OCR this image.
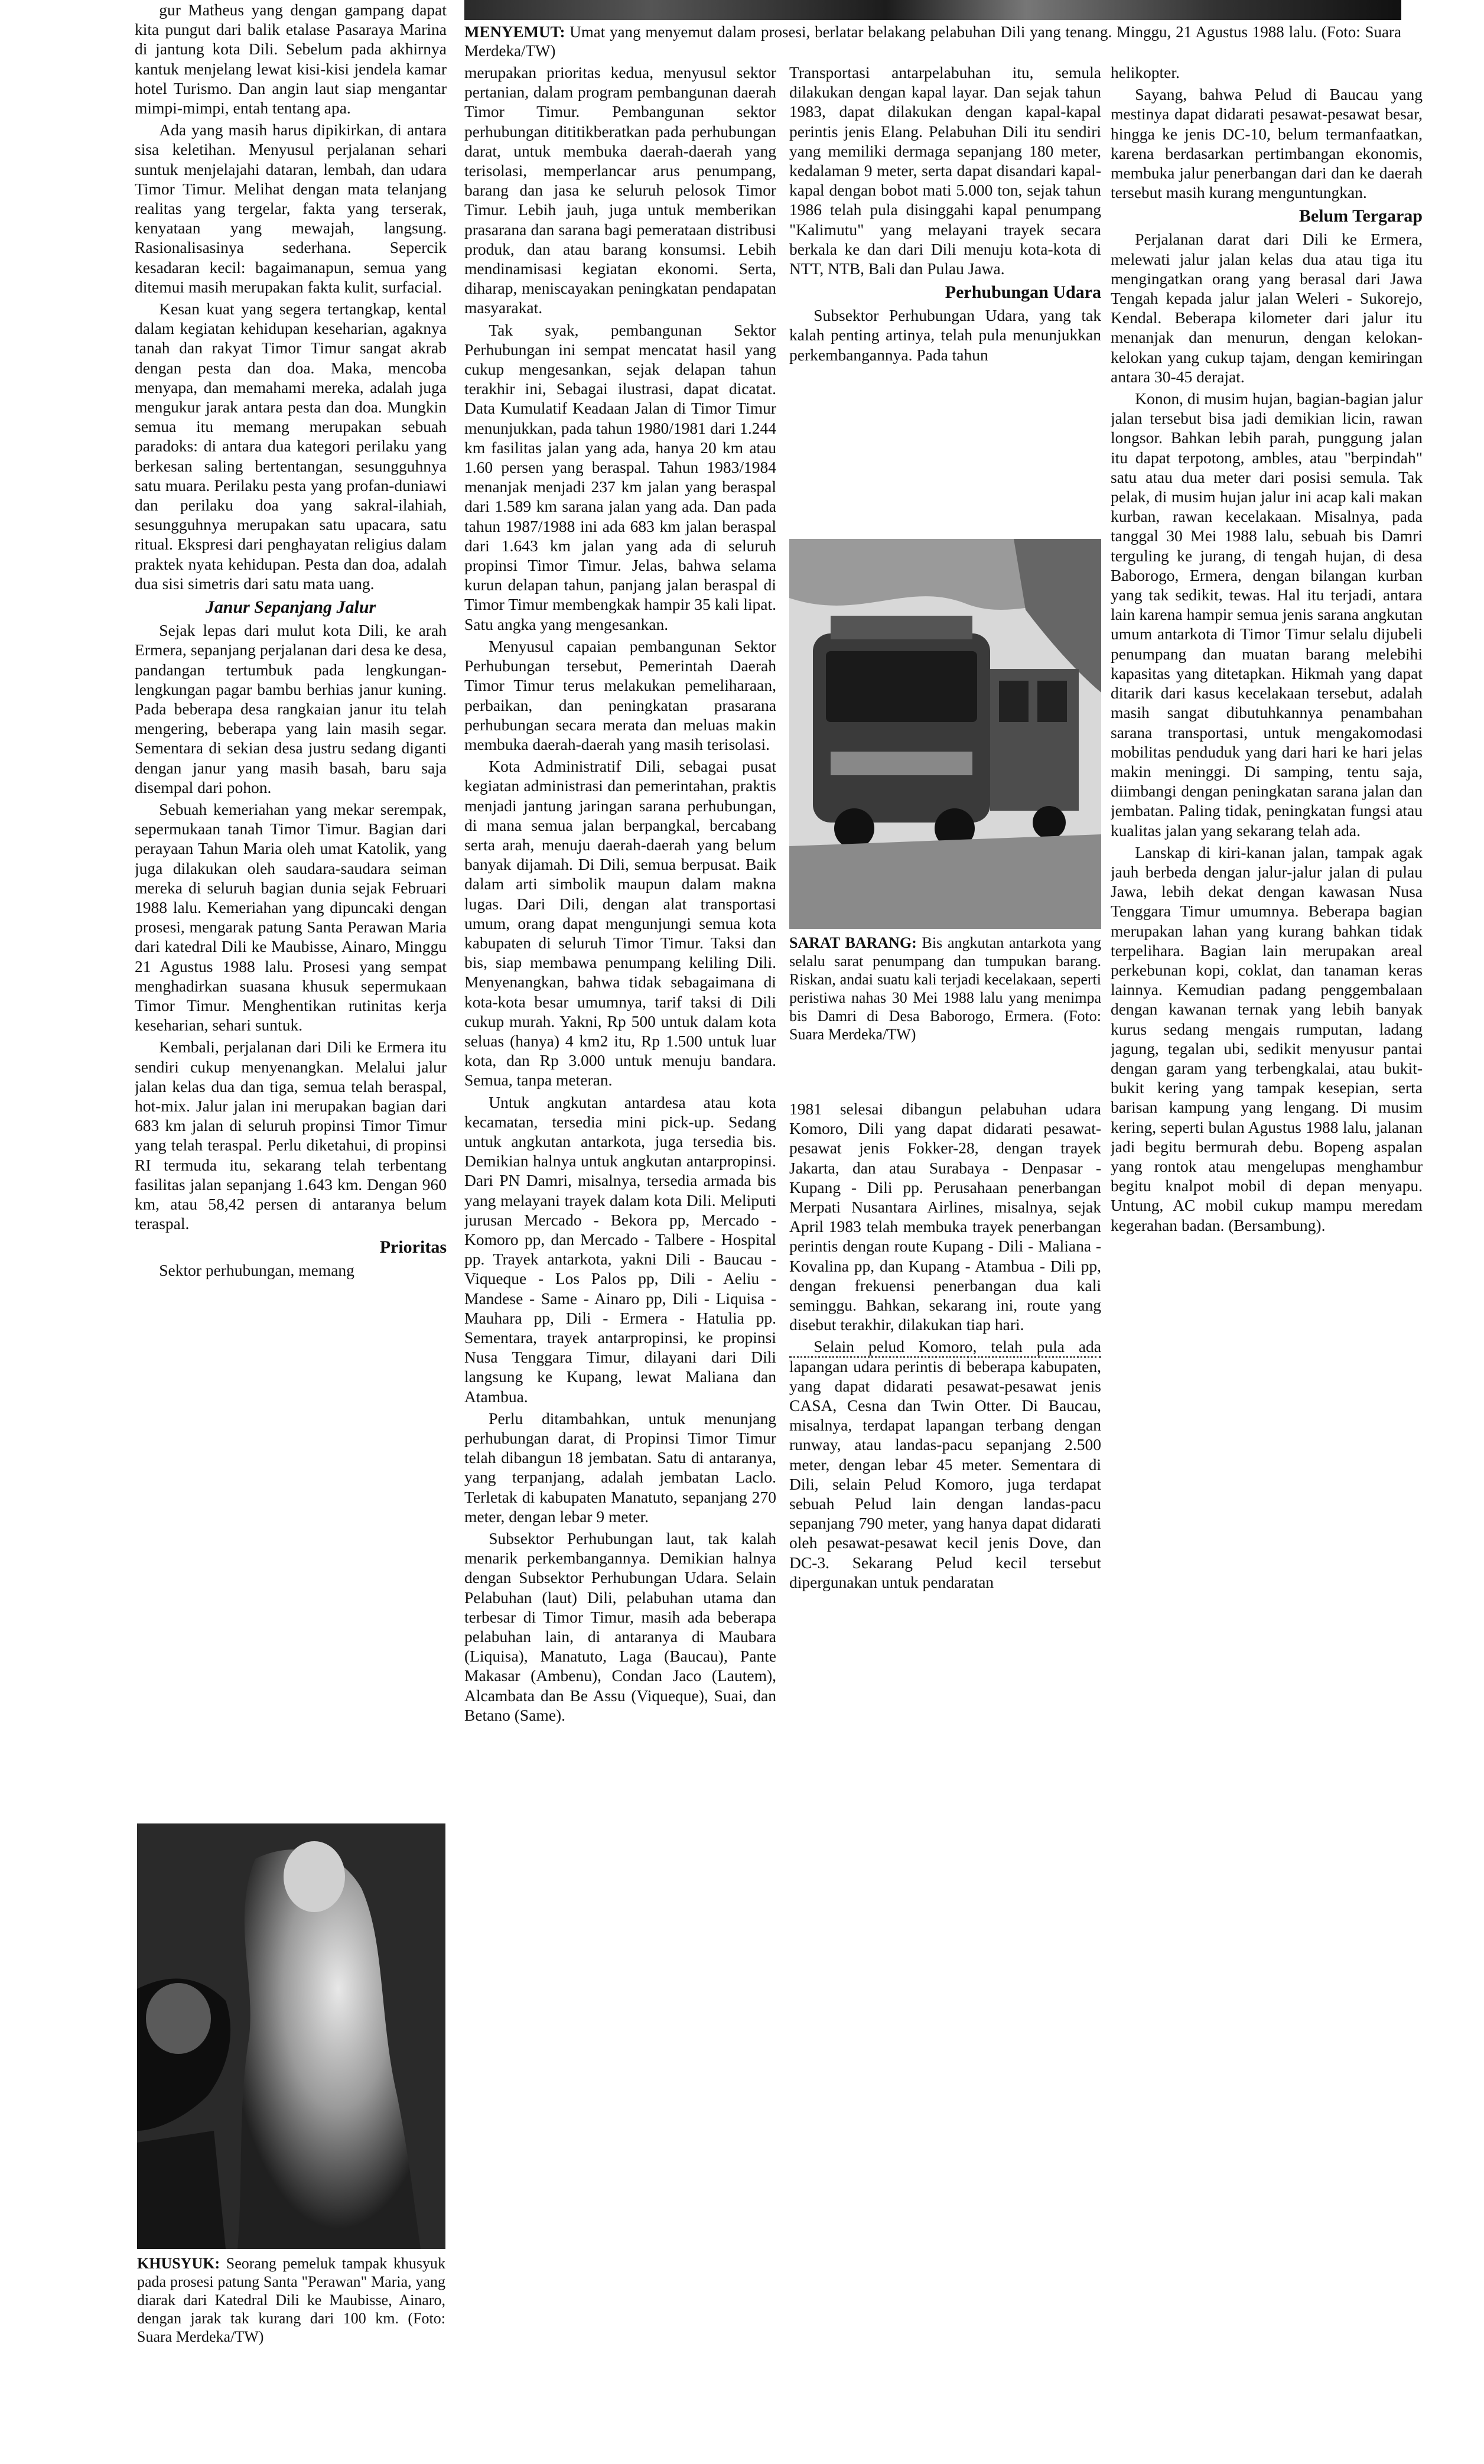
MENYEMUT: Umat yang menyemut dalam prosesi, berlatar belakang pelabuhan Dili yang tenang. Minggu, 21 Agustus 1988 lalu. (Foto: Suara Merdeka/TW)

gur Matheus yang dengan gampang dapat kita pungut dari balik etalase Pasaraya Marina di jantung kota Dili. Sebelum pada akhirnya kantuk menjelang lewat kisi-kisi jendela kamar hotel Turismo. Dan angin laut siap mengantar mimpi-mimpi, entah tentang apa.

Ada yang masih harus dipikirkan, di antara sisa keletihan. Menyusul perjalanan sehari suntuk menjelajahi dataran, lembah, dan udara Timor Timur. Melihat dengan mata telanjang realitas yang tergelar, fakta yang terserak, kenyataan yang mewajah, langsung. Rasionalisasinya sederhana. Sepercik kesadaran kecil: bagaimanapun, semua yang ditemui masih merupakan fakta kulit, surfacial.

Kesan kuat yang segera tertangkap, kental dalam kegiatan kehidupan keseharian, agaknya tanah dan rakyat Timor Timur sangat akrab dengan pesta dan doa. Maka, mencoba menyapa, dan memahami mereka, adalah juga mengukur jarak antara pesta dan doa. Mungkin semua itu memang merupakan sebuah paradoks: di antara dua kategori perilaku yang berkesan saling bertentangan, sesungguhnya satu muara. Perilaku pesta yang profan-duniawi dan perilaku doa yang sakral-ilahiah, sesungguhnya merupakan satu upacara, satu ritual. Ekspresi dari penghayatan religius dalam praktek nyata kehidupan. Pesta dan doa, adalah dua sisi simetris dari satu mata uang.

Janur Sepanjang Jalur

Sejak lepas dari mulut kota Dili, ke arah Ermera, sepanjang perjalanan dari desa ke desa, pandangan tertumbuk pada lengkungan-lengkungan pagar bambu berhias janur kuning. Pada beberapa desa rangkaian janur itu telah mengering, beberapa yang lain masih segar. Sementara di sekian desa justru sedang diganti dengan janur yang masih basah, baru saja disempal dari pohon.

Sebuah kemeriahan yang mekar serempak, sepermukaan tanah Timor Timur. Bagian dari perayaan Tahun Maria oleh umat Katolik, yang juga dilakukan oleh saudara-saudara seiman mereka di seluruh bagian dunia sejak Februari 1988 lalu. Kemeriahan yang dipuncaki dengan prosesi, mengarak patung Santa Perawan Maria dari katedral Dili ke Maubisse, Ainaro, Minggu 21 Agustus 1988 lalu. Prosesi yang sempat menghadirkan suasana khusuk sepermukaan Timor Timur. Menghentikan rutinitas kerja keseharian, sehari suntuk.

Kembali, perjalanan dari Dili ke Ermera itu sendiri cukup menyenangkan. Melalui jalur jalan kelas dua dan tiga, semua telah beraspal, hot-mix. Jalur jalan ini merupakan bagian dari 683 km jalan di seluruh propinsi Timor Timur yang telah teraspal. Perlu diketahui, di propinsi RI termuda itu, sekarang telah terbentang fasilitas jalan sepanjang 1.643 km. Dengan 960 km, atau 58,42 persen di antaranya belum teraspal.

Prioritas

Sektor perhubungan, memang

KHUSYUK: Seorang pemeluk tampak khusyuk pada prosesi patung Santa "Perawan" Maria, yang diarak dari Katedral Dili ke Maubisse, Ainaro, dengan jarak tak kurang dari 100 km. (Foto: Suara Merdeka/TW)

merupakan prioritas kedua, menyusul sektor pertanian, dalam program pembangunan daerah Timor Timur. Pembangunan sektor perhubungan dititikberatkan pada perhubungan darat, untuk membuka daerah-daerah yang terisolasi, memperlancar arus penumpang, barang dan jasa ke seluruh pelosok Timor Timur. Lebih jauh, juga untuk memberikan prasarana dan sarana bagi pemerataan distribusi produk, dan atau barang konsumsi. Lebih mendinamisasi kegiatan ekonomi. Serta, diharap, meniscayakan peningkatan pendapatan masyarakat.

Tak syak, pembangunan Sektor Perhubungan ini sempat mencatat hasil yang cukup mengesankan, sejak delapan tahun terakhir ini, Sebagai ilustrasi, dapat dicatat. Data Kumulatif Keadaan Jalan di Timor Timur menunjukkan, pada tahun 1980/1981 dari 1.244 km fasilitas jalan yang ada, hanya 20 km atau 1.60 persen yang beraspal. Tahun 1983/1984 menanjak menjadi 237 km jalan yang beraspal dari 1.589 km sarana jalan yang ada. Dan pada tahun 1987/1988 ini ada 683 km jalan beraspal dari 1.643 km jalan yang ada di seluruh propinsi Timor Timur. Jelas, bahwa selama kurun delapan tahun, panjang jalan beraspal di Timor Timur membengkak hampir 35 kali lipat. Satu angka yang mengesankan.

Menyusul capaian pembangunan Sektor Perhubungan tersebut, Pemerintah Daerah Timor Timur terus melakukan pemeliharaan, perbaikan, dan peningkatan prasarana perhubungan secara merata dan meluas makin membuka daerah-daerah yang masih terisolasi.

Kota Administratif Dili, sebagai pusat kegiatan administrasi dan pemerintahan, praktis menjadi jantung jaringan sarana perhubungan, di mana semua jalan berpangkal, bercabang serta arah, menuju daerah-daerah yang belum banyak dijamah. Di Dili, semua berpusat. Baik dalam arti simbolik maupun dalam makna lugas. Dari Dili, dengan alat transportasi umum, orang dapat mengunjungi semua kota kabupaten di seluruh Timor Timur. Taksi dan bis, siap membawa penumpang keliling Dili. Menyenangkan, bahwa tidak sebagaimana di kota-kota besar umumnya, tarif taksi di Dili cukup murah. Yakni, Rp 500 untuk dalam kota seluas (hanya) 4 km2 itu, Rp 1.500 untuk luar kota, dan Rp 3.000 untuk menuju bandara. Semua, tanpa meteran.

Untuk angkutan antardesa atau kota kecamatan, tersedia mini pick-up. Sedang untuk angkutan antarkota, juga tersedia bis. Demikian halnya untuk angkutan antarpropinsi. Dari PN Damri, misalnya, tersedia armada bis yang melayani trayek dalam kota Dili. Meliputi jurusan Mercado - Bekora pp, Mercado - Komoro pp, dan Mercado - Talbere - Hospital pp. Trayek antarkota, yakni Dili - Baucau - Viqueque - Los Palos pp, Dili - Aeliu - Mandese - Same - Ainaro pp, Dili - Liquisa - Mauhara pp, Dili - Ermera - Hatulia pp. Sementara, trayek antarpropinsi, ke propinsi Nusa Tenggara Timur, dilayani dari Dili langsung ke Kupang, lewat Maliana dan Atambua.

Perlu ditambahkan, untuk menunjang perhubungan darat, di Propinsi Timor Timur telah dibangun 18 jembatan. Satu di antaranya, yang terpanjang, adalah jembatan Laclo. Terletak di kabupaten Manatuto, sepanjang 270 meter, dengan lebar 9 meter.

Subsektor Perhubungan laut, tak kalah menarik perkembangannya. Demikian halnya dengan Subsektor Perhubungan Udara. Selain Pelabuhan (laut) Dili, pelabuhan utama dan terbesar di Timor Timur, masih ada beberapa pelabuhan lain, di antaranya di Maubara (Liquisa), Manatuto, Laga (Baucau), Pante Makasar (Ambenu), Condan Jaco (Lautem), Alcambata dan Be Assu (Viqueque), Suai, dan Betano (Same).

Transportasi antarpelabuhan itu, semula dilakukan dengan kapal layar. Dan sejak tahun 1983, dapat dilakukan dengan kapal-kapal perintis jenis Elang. Pelabuhan Dili itu sendiri yang memiliki dermaga sepanjang 180 meter, kedalaman 9 meter, serta dapat disandari kapal-kapal dengan bobot mati 5.000 ton, sejak tahun 1986 telah pula disinggahi kapal penumpang "Kalimutu" yang melayani trayek secara berkala ke dan dari Dili menuju kota-kota di NTT, NTB, Bali dan Pulau Jawa.

Perhubungan Udara

Subsektor Perhubungan Udara, yang tak kalah penting artinya, telah pula menunjukkan perkembangannya. Pada tahun

SARAT BARANG: Bis angkutan antarkota yang selalu sarat penumpang dan tumpukan barang. Riskan, andai suatu kali terjadi kecelakaan, seperti peristiwa nahas 30 Mei 1988 lalu yang menimpa bis Damri di Desa Baborogo, Ermera. (Foto: Suara Merdeka/TW)

1981 selesai dibangun pelabuhan udara Komoro, Dili yang dapat didarati pesawat-pesawat jenis Fokker-28, dengan trayek Jakarta, dan atau Surabaya - Denpasar - Kupang - Dili pp. Perusahaan penerbangan Merpati Nusantara Airlines, misalnya, sejak April 1983 telah membuka trayek penerbangan perintis dengan route Kupang - Dili - Maliana - Kovalina pp, dan Kupang - Atambua - Dili pp, dengan frekuensi penerbangan dua kali seminggu. Bahkan, sekarang ini, route yang disebut terakhir, dilakukan tiap hari.

Selain pelud Komoro, telah pula ada lapangan udara perintis di beberapa kabupaten, yang dapat didarati pesawat-pesawat jenis CASA, Cesna dan Twin Otter. Di Baucau, misalnya, terdapat lapangan terbang dengan runway, atau landas-pacu sepanjang 2.500 meter, dengan lebar 45 meter. Sementara di Dili, selain Pelud Komoro, juga terdapat sebuah Pelud lain dengan landas-pacu sepanjang 790 meter, yang hanya dapat didarati oleh pesawat-pesawat kecil jenis Dove, dan DC-3. Sekarang Pelud kecil tersebut dipergunakan untuk pendaratan

helikopter.

Sayang, bahwa Pelud di Baucau yang mestinya dapat didarati pesawat-pesawat besar, hingga ke jenis DC-10, belum termanfaatkan, karena berdasarkan pertimbangan ekonomis, membuka jalur penerbangan dari dan ke daerah tersebut masih kurang menguntungkan.

Belum Tergarap

Perjalanan darat dari Dili ke Ermera, melewati jalur jalan kelas dua atau tiga itu mengingatkan orang yang berasal dari Jawa Tengah kepada jalur jalan Weleri - Sukorejo, Kendal. Beberapa kilometer dari jalur itu menanjak dan menurun, dengan kelokan-kelokan yang cukup tajam, dengan kemiringan antara 30-45 derajat.

Konon, di musim hujan, bagian-bagian jalur jalan tersebut bisa jadi demikian licin, rawan longsor. Bahkan lebih parah, punggung jalan itu dapat terpotong, ambles, atau "berpindah" satu atau dua meter dari posisi semula. Tak pelak, di musim hujan jalur ini acap kali makan kurban, rawan kecelakaan. Misalnya, pada tanggal 30 Mei 1988 lalu, sebuah bis Damri terguling ke jurang, di tengah hujan, di desa Baborogo, Ermera, dengan bilangan kurban yang tak sedikit, tewas. Hal itu terjadi, antara lain karena hampir semua jenis sarana angkutan umum antarkota di Timor Timur selalu dijubeli penumpang dan muatan barang melebihi kapasitas yang ditetapkan. Hikmah yang dapat ditarik dari kasus kecelakaan tersebut, adalah masih sangat dibutuhkannya penambahan sarana transportasi, untuk mengakomodasi mobilitas penduduk yang dari hari ke hari jelas makin meninggi. Di samping, tentu saja, diimbangi dengan peningkatan sarana jalan dan jembatan. Paling tidak, peningkatan fungsi atau kualitas jalan yang sekarang telah ada.

Lanskap di kiri-kanan jalan, tampak agak jauh berbeda dengan jalur-jalur jalan di pulau Jawa, lebih dekat dengan kawasan Nusa Tenggara Timur umumnya. Beberapa bagian merupakan lahan yang kurang bahkan tidak terpelihara. Bagian lain merupakan areal perkebunan kopi, coklat, dan tanaman keras lainnya. Kemudian padang penggembalaan dengan kawanan ternak yang lebih banyak kurus sedang mengais rumputan, ladang jagung, tegalan ubi, sedikit menyusur pantai dengan garam yang terbengkalai, atau bukit-bukit kering yang tampak kesepian, serta barisan kampung yang lengang. Di musim kering, seperti bulan Agustus 1988 lalu, jalanan jadi begitu bermurah debu. Bopeng aspalan yang rontok atau mengelupas menghambur begitu knalpot mobil di depan menyapu. Untung, AC mobil cukup mampu meredam kegerahan badan. (Bersambung).
